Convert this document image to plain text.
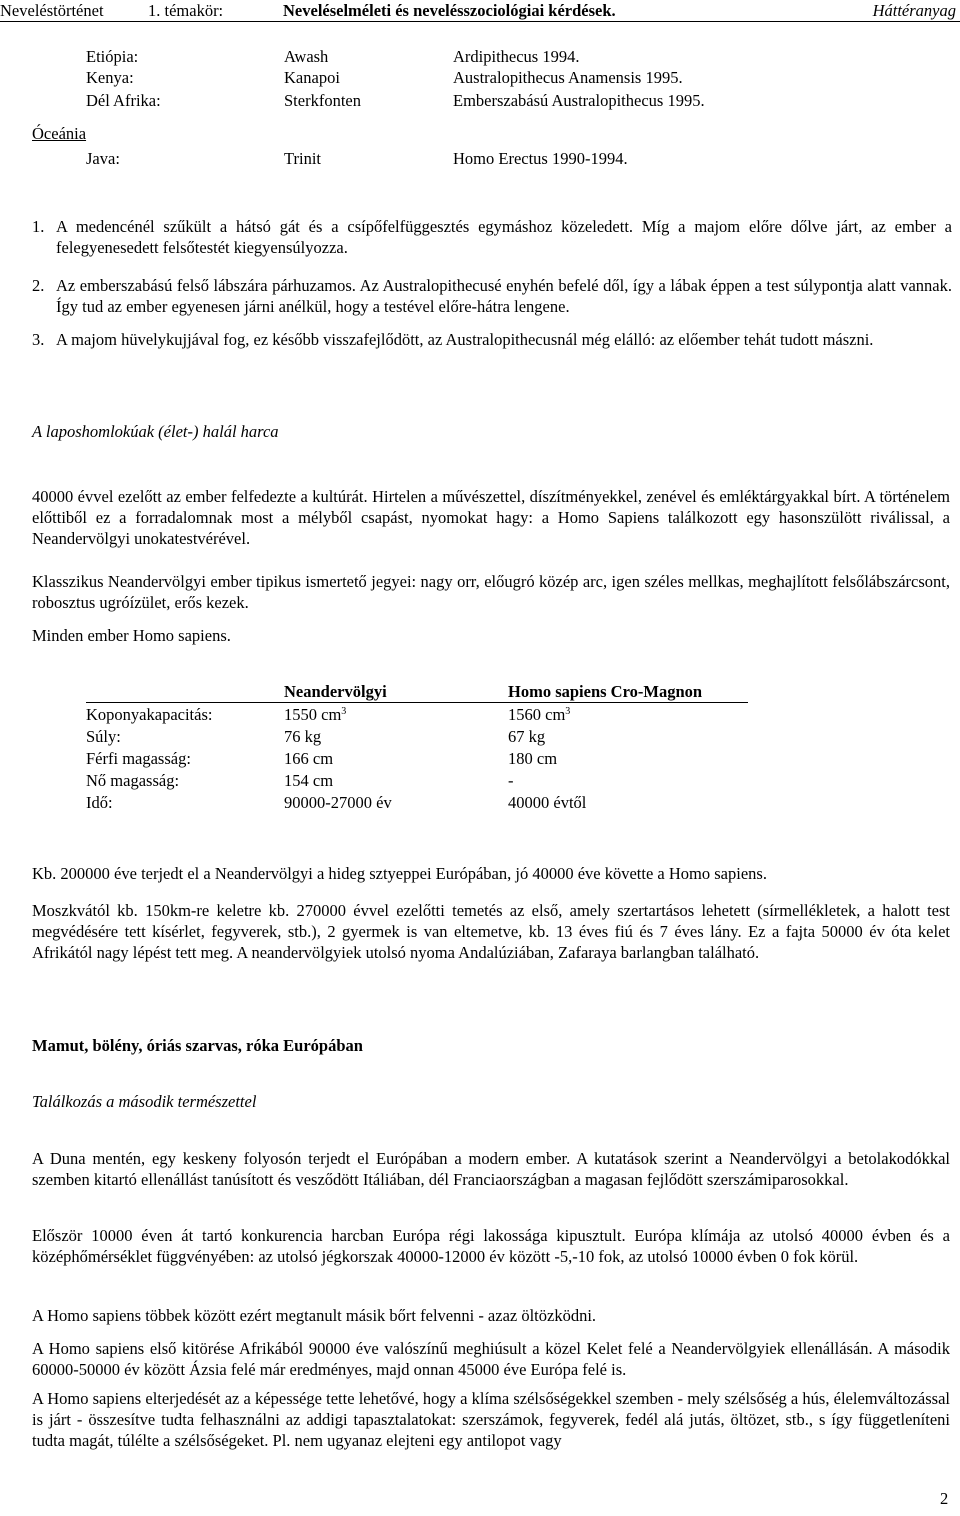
Neveléstörténet	1. témakör:	Neveléselméleti és nevelésszociológiai kérdések.	Háttéranyag
Etiópia:	Awash	Ardipithecus 1994.
Kenya:	Kanapoi	Australopithecus Anamensis 1995.
Dél Afrika:	Sterkfonten	Emberszabású Australopithecus 1995.
Óceánia
Java:	Trinit	Homo Erectus 1990-1994.
1. A medencénél szűkült a hátsó gát és a csípőfelfüggesztés egymáshoz közeledett. Míg a majom előre dőlve járt, az ember a felegyenesedett felsőtestét kiegyensúlyozza.
2. Az emberszabású felső lábszára párhuzamos. Az Australopithecusé enyhén befelé dől, így a lábak éppen a test súlypontja alatt vannak. Így tud az ember egyenesen járni anélkül, hogy a testével előre-hátra lengene.
3. A majom hüvelykujjával fog, ez később visszafejlődött, az Australopithecusnál még elálló: az előember tehát tudott mászni.
A laposhomlokúak (élet-) halál harca
40000 évvel ezelőtt az ember felfedezte a kultúrát. Hirtelen a művészettel, díszítményekkel, zenével és emléktárgyakkal bírt. A történelem előttiből ez a forradalomnak most a mélyből csapást, nyomokat hagy: a Homo Sapiens találkozott egy hasonszülött riválissal, a Neandervölgyi unokatestvérével.
Klasszikus Neandervölgyi ember tipikus ismertető jegyei: nagy orr, előugró közép arc, igen széles mellkas, meghajlított felsőlábszárcsont, robosztus ugróízület, erős kezek.
Minden ember Homo sapiens.
	Neandervölgyi	Homo sapiens Cro-Magnon
Koponyakapacitás:	1550 $cm^3$	1560 $cm^3$
Súly:	76 kg	67 kg
Férfi magasság:	166 cm	180 cm
Nő magasság:	154 cm	-
Idő:	90000-27000 év	40000 évtől
Kb. 200000 éve terjedt el a Neandervölgyi a hideg sztyeppei Európában, jó 40000 éve követte a Homo sapiens.
Moszkvától kb. 150km-re keletre kb. 270000 évvel ezelőtti temetés az első, amely szertartásos lehetett (sírmellékletek, a halott test megvédésére tett kísérlet, fegyverek, stb.), 2 gyermek is van eltemetve, kb. 13 éves fiú és 7 éves lány. Ez a fajta 50000 év óta kelet Afrikától nagy lépést tett meg. A neandervölgyiek utolsó nyoma Andalúziában, Zafaraya barlangban található.
Mamut, bölény, óriás szarvas, róka Európában
Találkozás a második természettel
A Duna mentén, egy keskeny folyosón terjedt el Európában a modern ember. A kutatások szerint a Neandervölgyi a betolakodókkal szemben kitartó ellenállást tanúsított és vesződött Itáliában, dél Franciaországban a magasan fejlődött szerszámiparosokkal.
Először 10000 éven át tartó konkurencia harcban Európa régi lakossága kipusztult. Európa klímája az utolsó 40000 évben és a középhőmérséklet függvényében: az utolsó jégkorszak 40000-12000 év között -5,-10 fok, az utolsó 10000 évben 0 fok körül.
A Homo sapiens többek között ezért megtanult másik bőrt felvenni - azaz öltözködni.
A Homo sapiens első kitörése Afrikából 90000 éve valószínű meghiúsult a közel Kelet felé a Neandervölgyiek ellenállásán. A második 60000-50000 év között Ázsia felé már eredményes, majd onnan 45000 éve Európa felé is.
A Homo sapiens elterjedését az a képessége tette lehetővé, hogy a klíma szélsőségekkel szemben - mely szélsőség a hús, élelemváltozással is járt - összesítve tudta felhasználni az addigi tapasztalatokat: szerszámok, fegyverek, fedél alá jutás, öltözet, stb., s így függetleníteni tudta magát, túlélte a szélsőségeket. Pl. nem ugyanaz elejteni egy antilopot vagy
2
